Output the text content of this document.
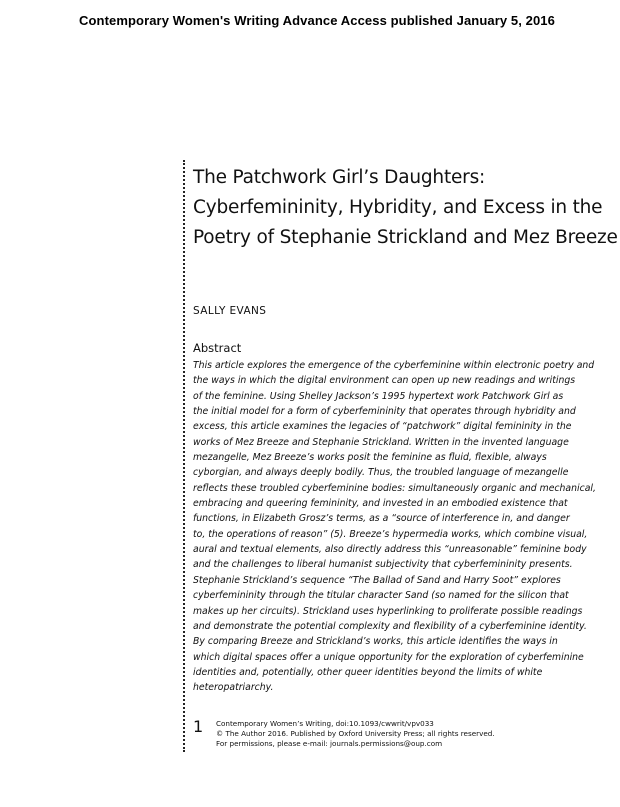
Contemporary Women's Writing Advance Access published January 5, 2016
The Patchwork Girl’s Daughters:
Cyberfemininity, Hybridity, and Excess in the
Poetry of Stephanie Strickland and Mez Breeze
SALLY EVANS
Abstract
This article explores the emergence of the cyberfeminine within electronic poetry and
the ways in which the digital environment can open up new readings and writings
of the feminine. Using Shelley Jackson’s 1995 hypertext work Patchwork Girl as
the initial model for a form of cyberfemininity that operates through hybridity and
excess, this article examines the legacies of “patchwork” digital femininity in the
works of Mez Breeze and Stephanie Strickland. Written in the invented language
mezangelle, Mez Breeze’s works posit the feminine as fluid, flexible, always
cyborgian, and always deeply bodily. Thus, the troubled language of mezangelle
reflects these troubled cyberfeminine bodies: simultaneously organic and mechanical,
embracing and queering femininity, and invested in an embodied existence that
functions, in Elizabeth Grosz’s terms, as a “source of interference in, and danger
to, the operations of reason” (5). Breeze’s hypermedia works, which combine visual,
aural and textual elements, also directly address this “unreasonable” feminine body
and the challenges to liberal humanist subjectivity that cyberfemininity presents.
Stephanie Strickland’s sequence “The Ballad of Sand and Harry Soot” explores
cyberfemininity through the titular character Sand (so named for the silicon that
makes up her circuits). Strickland uses hyperlinking to proliferate possible readings
and demonstrate the potential complexity and flexibility of a cyberfeminine identity.
By comparing Breeze and Strickland’s works, this article identifies the ways in
which digital spaces offer a unique opportunity for the exploration of cyberfeminine
identities and, potentially, other queer identities beyond the limits of white
heteropatriarchy.
1 Contemporary Women’s Writing, doi:10.1093/cwwrit/vpv033
© The Author 2016. Published by Oxford University Press; all rights reserved.
For permissions, please e-mail: journals.permissions@oup.com
